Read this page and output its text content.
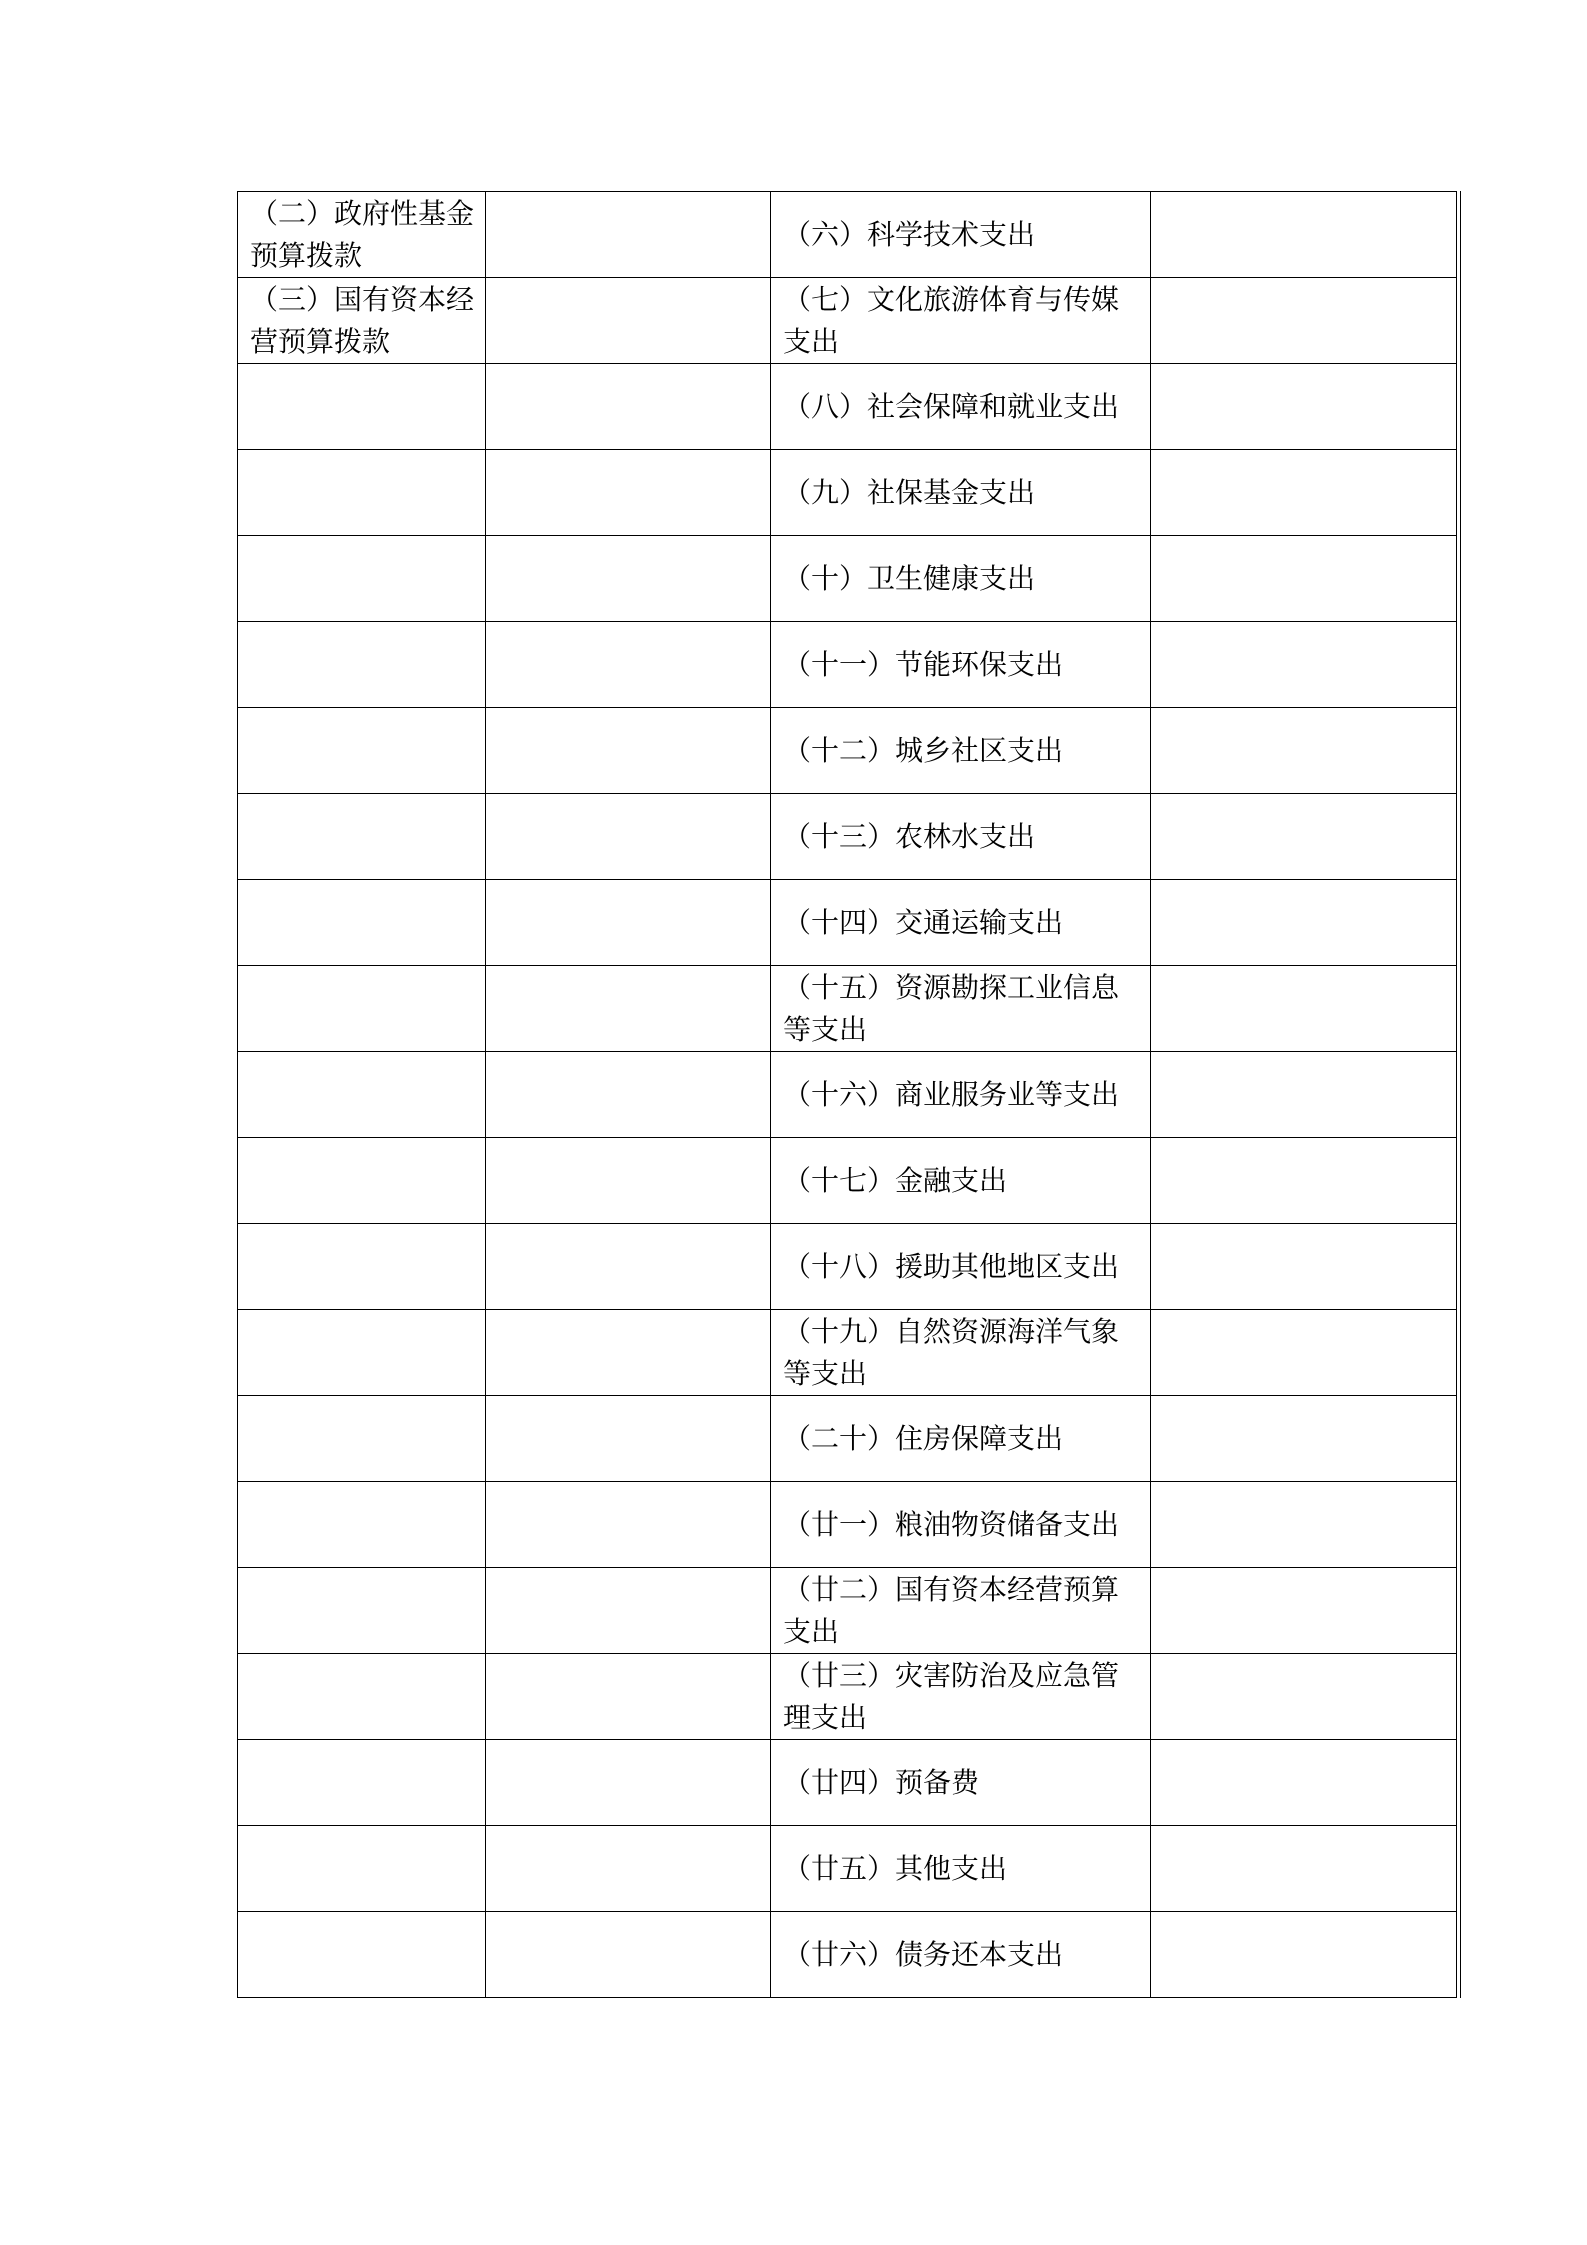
（二）政府性基金预算拨款		（六）科学技术支出	
（三）国有资本经营预算拨款		（七）文化旅游体育与传媒支出	
		（八）社会保障和就业支出	
		（九）社保基金支出	
		（十）卫生健康支出	
		（十一）节能环保支出	
		（十二）城乡社区支出	
		（十三）农林水支出	
		（十四）交通运输支出	
		（十五）资源勘探工业信息等支出	
		（十六）商业服务业等支出	
		（十七）金融支出	
		（十八）援助其他地区支出	
		（十九）自然资源海洋气象等支出	
		（二十）住房保障支出	
		（廿一）粮油物资储备支出	
		（廿二）国有资本经营预算支出	
		（廿三）灾害防治及应急管理支出	
		（廿四）预备费	
		（廿五）其他支出	
		（廿六）债务还本支出	
